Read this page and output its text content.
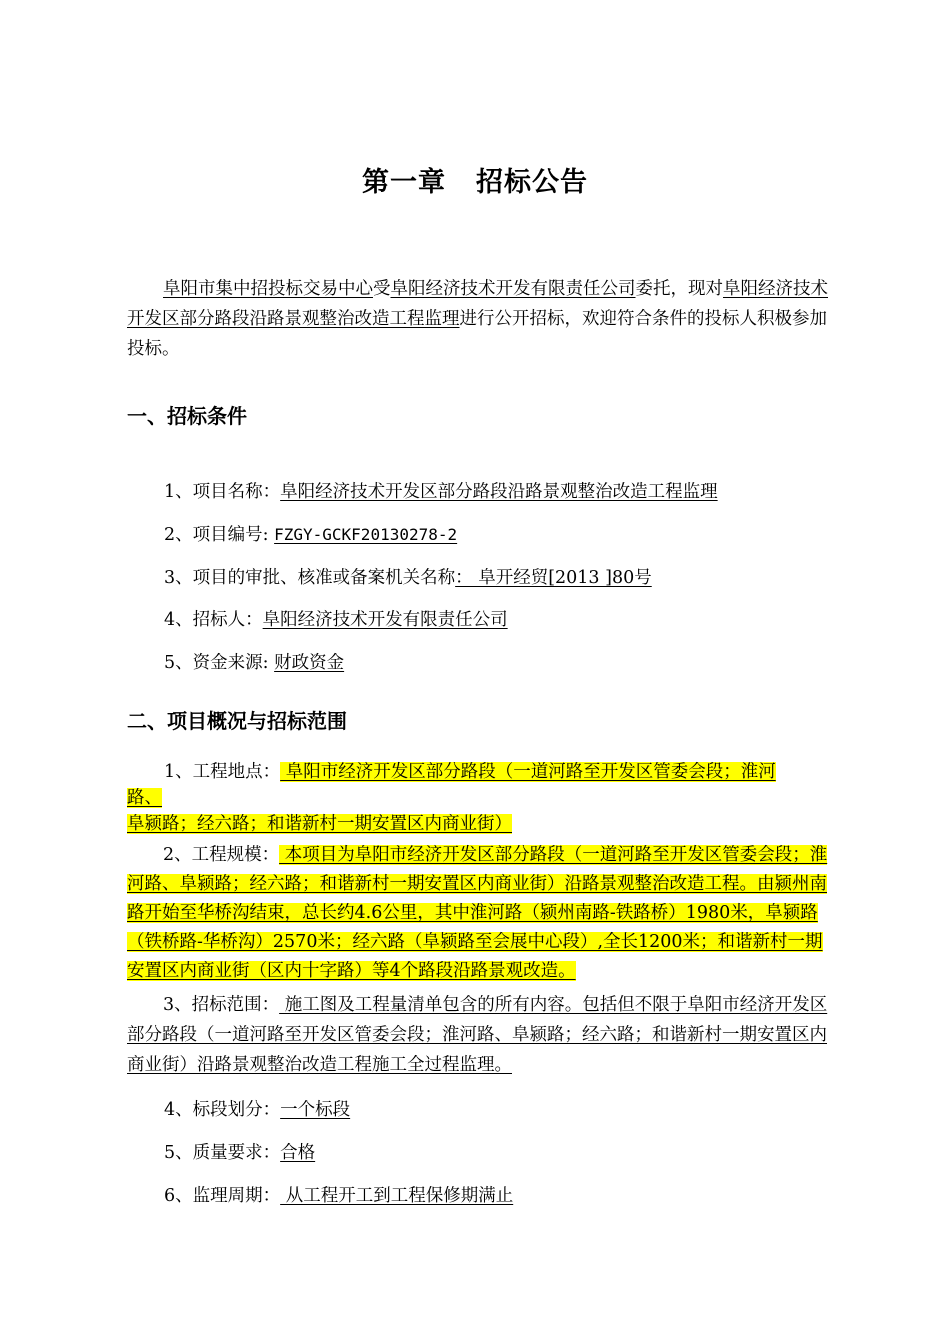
第一章 招标公告
阜阳市集中招投标交易中心受阜阳经济技术开发有限责任公司委托，现对阜阳经济技术开发区部分路段沿路景观整治改造工程监理进行公开招标，欢迎符合条件的投标人积极参加投标。
一、招标条件
1、项目名称：阜阳经济技术开发区部分路段沿路景观整治改造工程监理
2、项目编号: FZGY-GCKF20130278-2
3、项目的审批、核准或备案机关名称： 阜开经贸[2013 ]80号
4、招标人：阜阳经济技术开发有限责任公司
5、资金来源: 财政资金
二、项目概况与招标范围
1、工程地点： 阜阳市经济开发区部分路段（一道河路至开发区管委会段；淮河
路、
阜颍路；经六路；和谐新村一期安置区内商业街）
2、工程规模： 本项目为阜阳市经济开发区部分路段（一道河路至开发区管委会段；淮河路、阜颍路；经六路；和谐新村一期安置区内商业街）沿路景观整治改造工程。由颍州南路开始至华桥沟结束，总长约4.6公里，其中淮河路（颍州南路-铁路桥）1980米，阜颍路（铁桥路-华桥沟）2570米；经六路（阜颍路至会展中心段）,全长1200米；和谐新村一期安置区内商业街（区内十字路）等4个路段沿路景观改造。
3、招标范围： 施工图及工程量清单包含的所有内容。包括但不限于阜阳市经济开发区部分路段（一道河路至开发区管委会段；淮河路、阜颍路；经六路；和谐新村一期安置区内商业街）沿路景观整治改造工程施工全过程监理。
4、标段划分：一个标段
5、质量要求：合格
6、监理周期： 从工程开工到工程保修期满止
